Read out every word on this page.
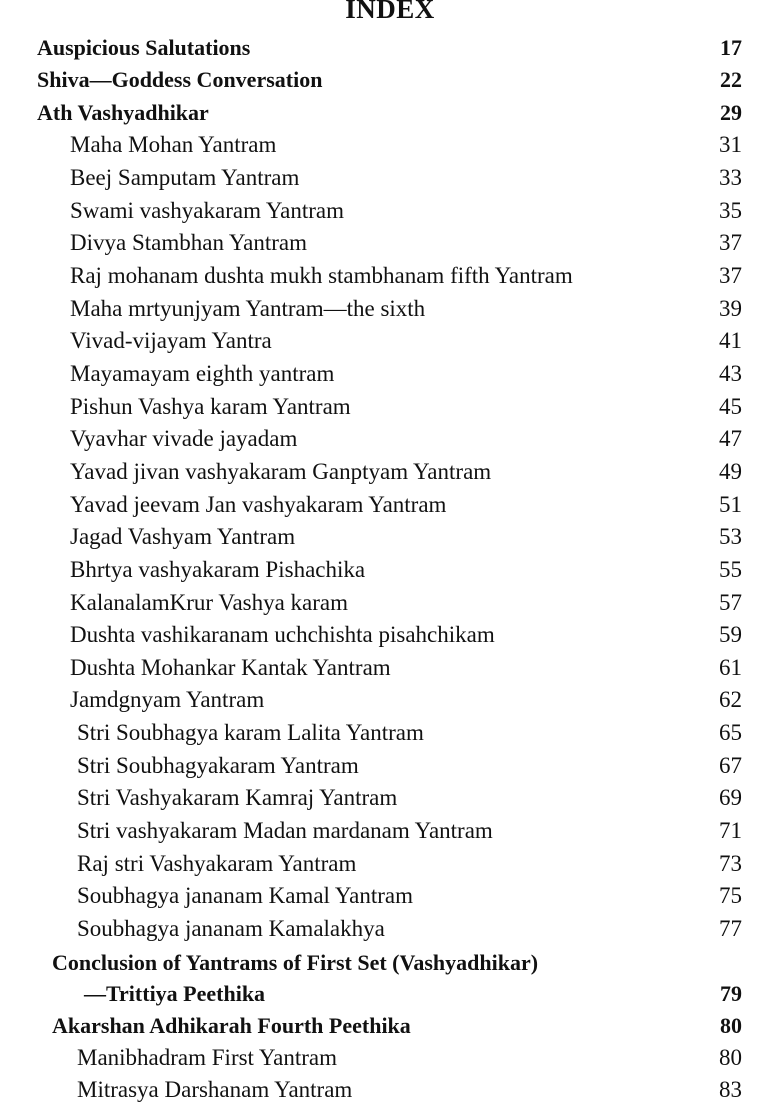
INDEX
Auspicious Salutations	17
Shiva—Goddess Conversation	22
Ath Vashyadhikar	29
Maha Mohan Yantram	31
Beej Samputam Yantram	33
Swami vashyakaram Yantram	35
Divya Stambhan Yantram	37
Raj mohanam dushta mukh stambhanam fifth Yantram	37
Maha mrtyunjyam Yantram—the sixth	39
Vivad-vijayam Yantra	41
Mayamayam eighth yantram	43
Pishun Vashya karam Yantram	45
Vyavhar vivade jayadam	47
Yavad jivan vashyakaram Ganptyam Yantram	49
Yavad jeevam Jan vashyakaram Yantram	51
Jagad Vashyam Yantram	53
Bhrtya vashyakaram Pishachika	55
KalanalamKrur Vashya karam	57
Dushta vashikaranam uchchishta pisahchikam	59
Dushta Mohankar Kantak Yantram	61
Jamdgnyam Yantram	62
Stri Soubhagya karam Lalita Yantram	65
Stri Soubhagyakaram Yantram	67
Stri Vashyakaram Kamraj Yantram	69
Stri vashyakaram Madan mardanam Yantram	71
Raj stri Vashyakaram Yantram	73
Soubhagya jananam Kamal Yantram	75
Soubhagya jananam Kamalakhya	77
Conclusion of Yantrams of First Set (Vashyadhikar)
—Trittiya Peethika	79
Akarshan Adhikarah Fourth Peethika	80
Manibhadram First Yantram	80
Mitrasya Darshanam Yantram	83
